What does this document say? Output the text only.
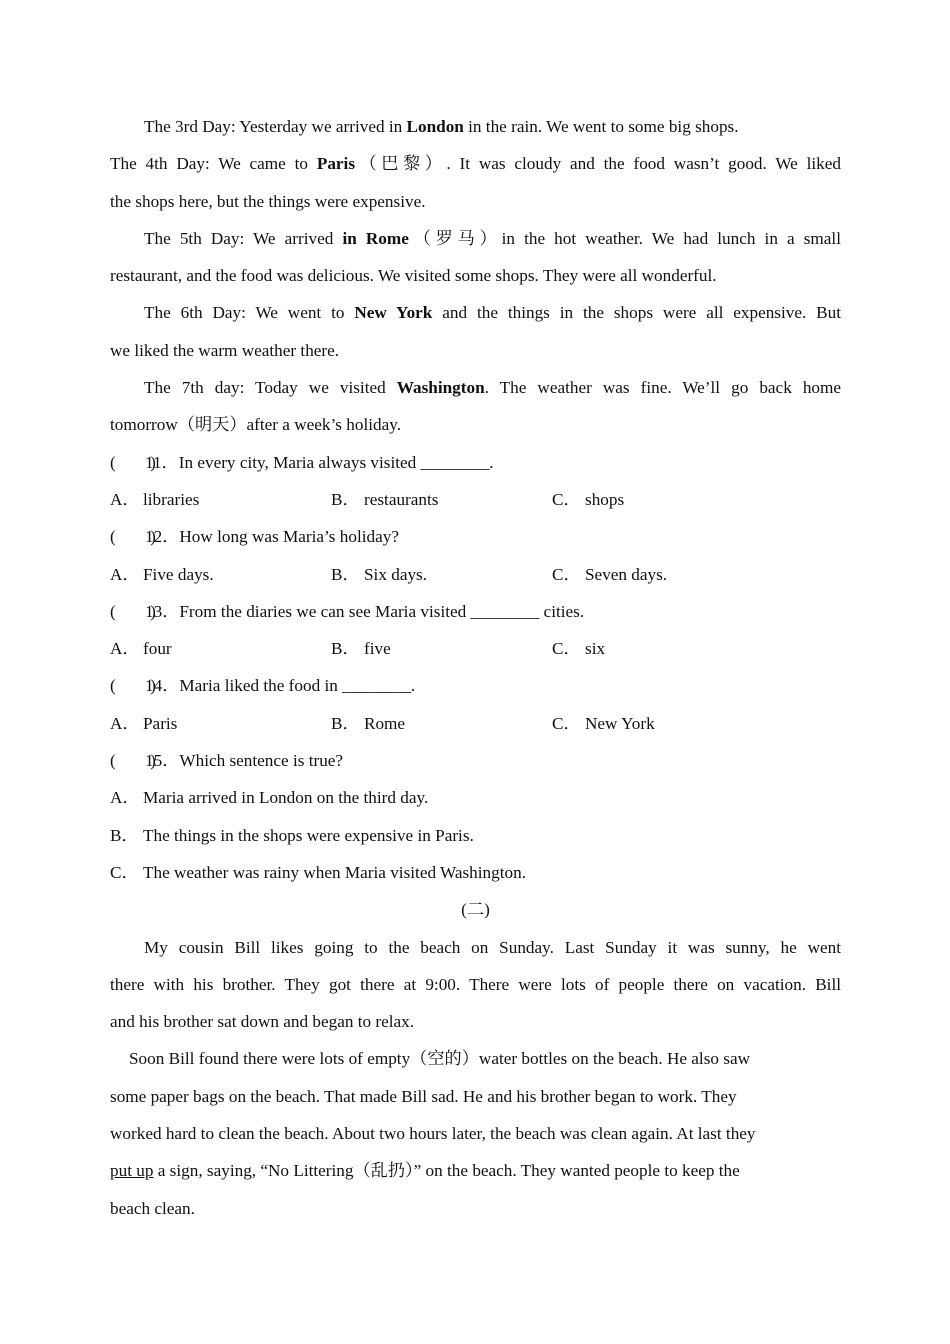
The 3rd Day: Yesterday we arrived in London in the rain. We went to some big shops.
The 4th Day: We came to Paris（巴黎）. It was cloudy and the food wasn’t good. We liked
the shops here, but the things were expensive.
The 5th Day: We arrived in Rome（罗马）in the hot weather. We had lunch in a small
restaurant, and the food was delicious. We visited some shops. They were all wonderful.
The 6th Day: We went to New York and the things in the shops were all expensive. But
we liked the warm weather there.
The 7th day: Today we visited Washington. The weather was fine. We’ll go back home
tomorrow（明天）after a week’s holiday.
(　　)11．In every city, Maria always visited ________.
A． libraries	B． restaurants	C． shops
(　　)12．How long was Maria’s holiday?
A． Five days.	B． Six days.	C． Seven days.
(　　)13．From the diaries we can see Maria visited ________ cities.
A． four	B． five	C． six
(　　)14．Maria liked the food in ________.
A． Paris	B． Rome	C． New York
(　　)15．Which sentence is true?
A． Maria arrived in London on the third day.
B． The things in the shops were expensive in Paris.
C． The weather was rainy when Maria visited Washington.
(二)
My cousin Bill likes going to the beach on Sunday. Last Sunday it was sunny, he went
there with his brother. They got there at 9:00. There were lots of people there on vacation. Bill
and his brother sat down and began to relax.
Soon Bill found there were lots of empty（空的）water bottles on the beach. He also saw
some paper bags on the beach. That made Bill sad. He and his brother began to work. They
worked hard to clean the beach. About two hours later, the beach was clean again. At last they
put up a sign, saying, “No Littering（乱扔）” on the beach. They wanted people to keep the
beach clean.
